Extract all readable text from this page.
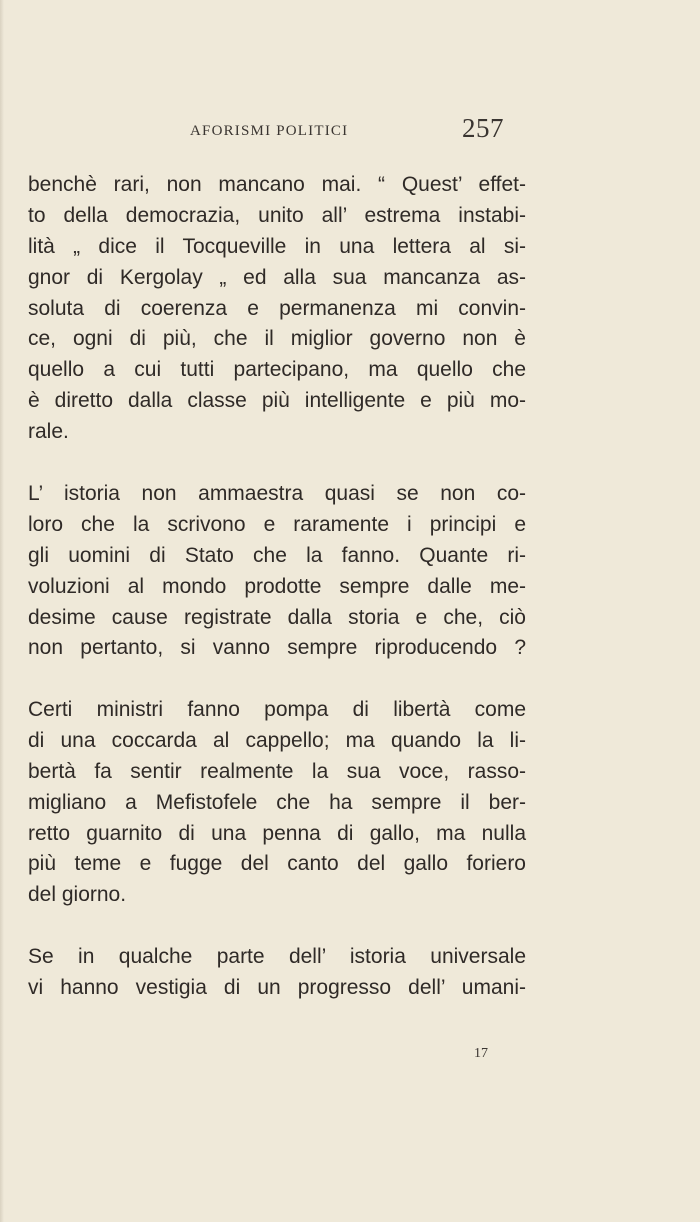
AFORISMI POLITICI	257
benchè rari, non mancano mai. “ Quest’ effet-
to della democrazia, unito all’ estrema instabi-
lità „ dice il Tocqueville in una lettera al si-
gnor di Kergolay „ ed alla sua mancanza as-
soluta di coerenza e permanenza mi convin-
ce, ogni di più, che il miglior governo non è
quello a cui tutti partecipano, ma quello che
è diretto dalla classe più intelligente e più mo-
rale.
L’ istoria non ammaestra quasi se non co-
loro che la scrivono e raramente i principi e
gli uomini di Stato che la fanno. Quante ri-
voluzioni al mondo prodotte sempre dalle me-
desime cause registrate dalla storia e che, ciò
non pertanto, si vanno sempre riproducendo ?
Certi ministri fanno pompa di libertà come
di una coccarda al cappello; ma quando la li-
bertà fa sentir realmente la sua voce, rasso-
migliano a Mefistofele che ha sempre il ber-
retto guarnito di una penna di gallo, ma nulla
più teme e fugge del canto del gallo foriero
del giorno.
Se in qualche parte dell’ istoria universale
vi hanno vestigia di un progresso dell’ umani-
17
